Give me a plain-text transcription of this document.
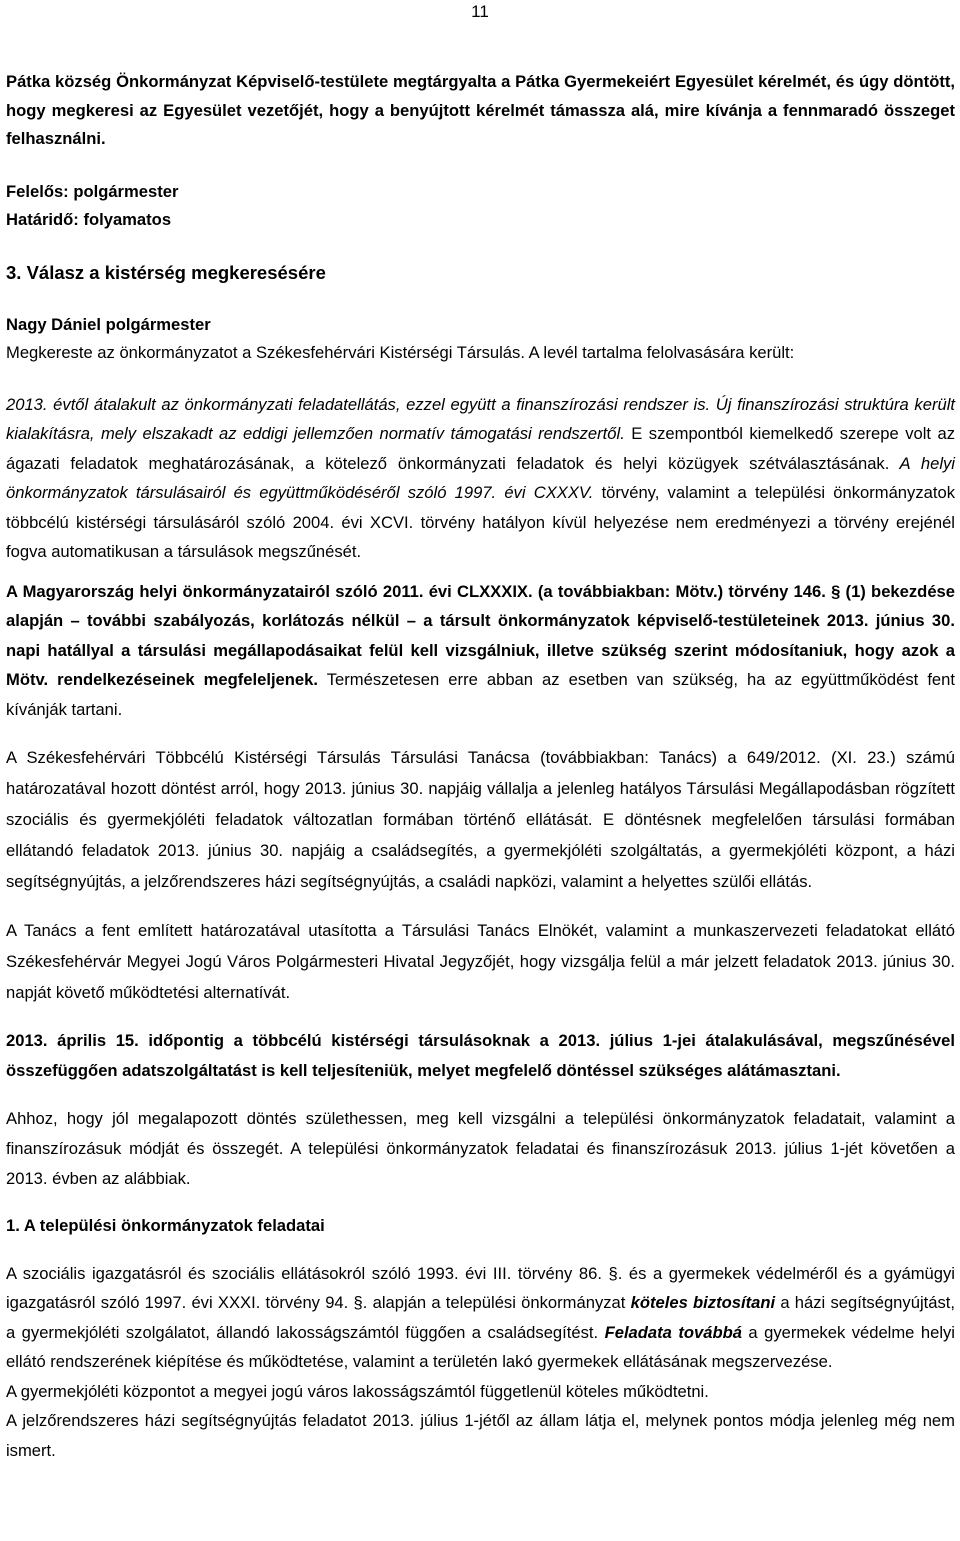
11

Pátka község Önkormányzat Képviselő-testülete megtárgyalta a Pátka Gyermekeiért Egyesület kérelmét, és úgy döntött, hogy megkeresi az Egyesület vezetőjét, hogy a benyújtott kérelmét támassza alá, mire kívánja a fennmaradó összeget felhasználni.

Felelős: polgármester

Határidő: folyamatos

3. Válasz a kistérség megkeresésére

Nagy Dániel polgármester

Megkereste az önkormányzatot a Székesfehérvári Kistérségi Társulás. A levél tartalma felolvasására került:

2013. évtől átalakult az önkormányzati feladatellátás, ezzel együtt a finanszírozási rendszer is. Új finanszírozási struktúra került kialakításra, mely elszakadt az eddigi jellemzően normatív támogatási rendszertől. E szempontból kiemelkedő szerepe volt az ágazati feladatok meghatározásának, a kötelező önkormányzati feladatok és helyi közügyek szétválasztásának. A helyi önkormányzatok társulásairól és együttműködéséről szóló 1997. évi CXXXV. törvény, valamint a települési önkormányzatok többcélú kistérségi társulásáról szóló 2004. évi XCVI. törvény hatályon kívül helyezése nem eredményezi a törvény erejénél fogva automatikusan a társulások megszűnését.

A Magyarország helyi önkormányzatairól szóló 2011. évi CLXXXIX. (a továbbiakban: Mötv.) törvény 146. § (1) bekezdése alapján – további szabályozás, korlátozás nélkül – a társult önkormányzatok képviselő-testületeinek 2013. június 30. napi hatállyal a társulási megállapodásaikat felül kell vizsgálniuk, illetve szükség szerint módosítaniuk, hogy azok a Mötv. rendelkezéseinek megfeleljenek. Természetesen erre abban az esetben van szükség, ha az együttműködést fent kívánják tartani.

A Székesfehérvári Többcélú Kistérségi Társulás Társulási Tanácsa (továbbiakban: Tanács) a 649/2012. (XI. 23.) számú határozatával hozott döntést arról, hogy 2013. június 30. napjáig vállalja a jelenleg hatályos Társulási Megállapodásban rögzített szociális és gyermekjóléti feladatok változatlan formában történő ellátását. E döntésnek megfelelően társulási formában ellátandó feladatok 2013. június 30. napjáig a családsegítés, a gyermekjóléti szolgáltatás, a gyermekjóléti központ, a házi segítségnyújtás, a jelzőrendszeres házi segítségnyújtás, a családi napközi, valamint a helyettes szülői ellátás.

A Tanács a fent említett határozatával utasította a Társulási Tanács Elnökét, valamint a munkaszervezeti feladatokat ellátó Székesfehérvár Megyei Jogú Város Polgármesteri Hivatal Jegyzőjét, hogy vizsgálja felül a már jelzett feladatok 2013. június 30. napját követő működtetési alternatívát.

2013. április 15. időpontig a többcélú kistérségi társulásoknak a 2013. július 1-jei átalakulásával, megszűnésével összefüggően adatszolgáltatást is kell teljesíteniük, melyet megfelelő döntéssel szükséges alátámasztani.

Ahhoz, hogy jól megalapozott döntés születhessen, meg kell vizsgálni a települési önkormányzatok feladatait, valamint a finanszírozásuk módját és összegét. A települési önkormányzatok feladatai és finanszírozásuk 2013. július 1-jét követően a 2013. évben az alábbiak.

1. A települési önkormányzatok feladatai

A szociális igazgatásról és szociális ellátásokról szóló 1993. évi III. törvény 86. §. és a gyermekek védelméről és a gyámügyi igazgatásról szóló 1997. évi XXXI. törvény 94. §. alapján a települési önkormányzat köteles biztosítani a házi segítségnyújtást, a gyermekjóléti szolgálatot, állandó lakosságszámtól függően a családsegítést. Feladata továbbá a gyermekek védelme helyi ellátó rendszerének kiépítése és működtetése, valamint a területén lakó gyermekek ellátásának megszervezése.

A gyermekjóléti központot a megyei jogú város lakosságszámtól függetlenül köteles működtetni.

A jelzőrendszeres házi segítségnyújtás feladatot 2013. július 1-jétől az állam látja el, melynek pontos módja jelenleg még nem ismert.
